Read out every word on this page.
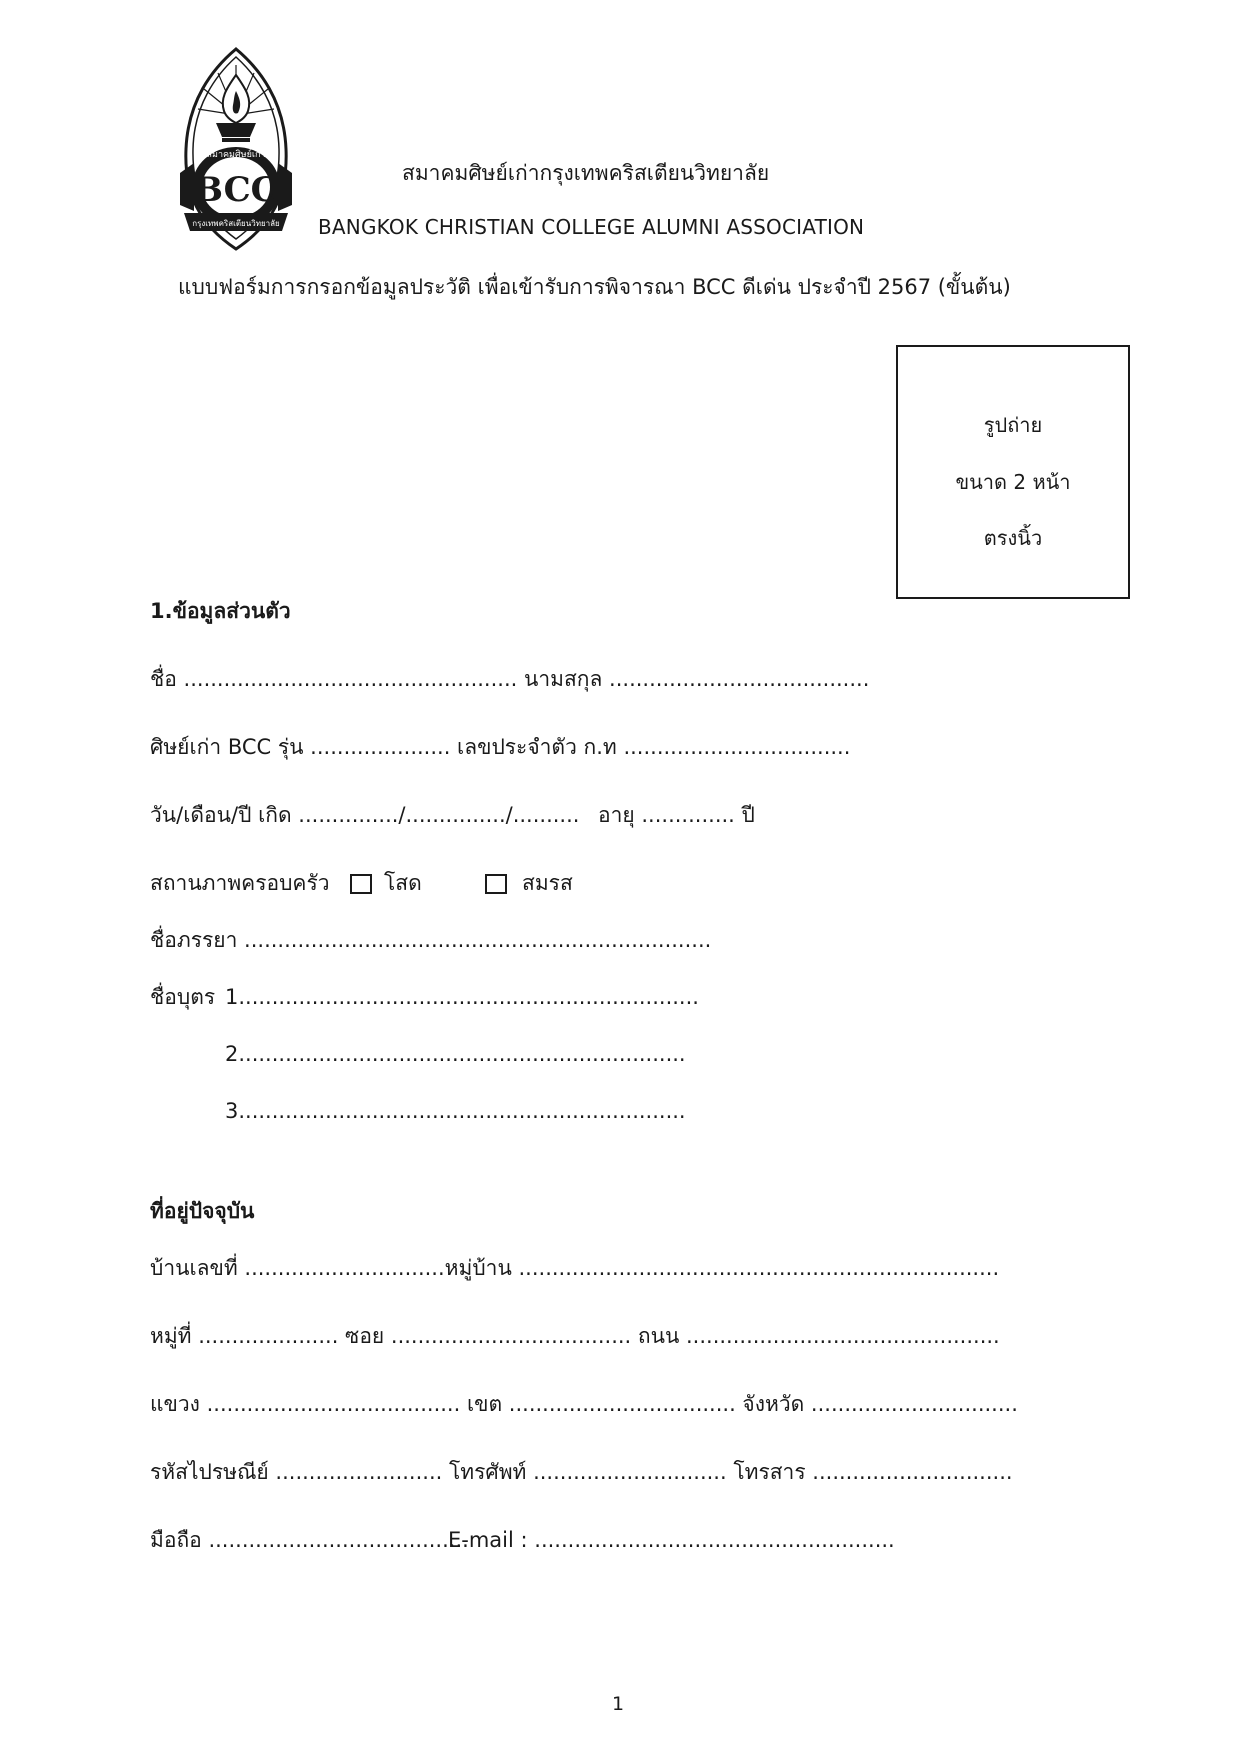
สมาคมศิษย์เก่า
BCC
กรุงเทพคริสเตียนวิทยาลัย
สมาคมศิษย์เก่ากรุงเทพคริสเตียนวิทยาลัย
BANGKOK CHRISTIAN COLLEGE ALUMNI ASSOCIATION
แบบฟอร์มการกรอกข้อมูลประวัติ เพื่อเข้ารับการพิจารณา BCC ดีเด่น ประจำปี 2567 (ขั้นต้น)
รูปถ่าย
ขนาด 2 หน้า
ตรงนิ้ว
1.ข้อมูลส่วนตัว
ชื่อ .................................................. นามสกุล .......................................
ศิษย์เก่า BCC รุ่น ..................... เลขประจำตัว ก.ท ..................................
วัน/เดือน/ปี เกิด .............../.............../.......... อายุ .............. ปี
สถานภาพครอบครัว	โสด	สมรส
ชื่อภรรยา ......................................................................
ชื่อบุตร 1.....................................................................
2...................................................................
3...................................................................
ที่อยู่ปัจจุบัน
บ้านเลขที่ ..............................หมู่บ้าน ........................................................................
หมู่ที่ ..................... ซอย .................................... ถนน ...............................................
แขวง ...................................... เขต .................................. จังหวัด ...............................
รหัสไปรษณีย์ ......................... โทรศัพท์ ............................. โทรสาร ..............................
มือถือ .......................................
E-mail : ......................................................
1
